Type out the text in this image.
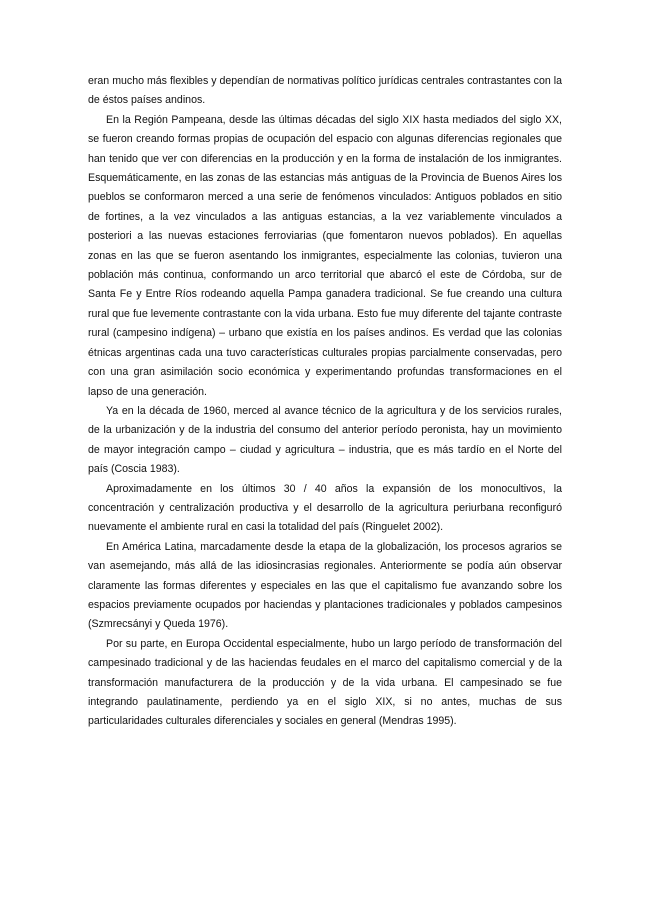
eran mucho más flexibles y dependían de normativas político jurídicas centrales contrastantes con la de éstos países andinos.

En la Región Pampeana, desde las últimas décadas del siglo XIX hasta mediados del siglo XX, se fueron creando formas propias de ocupación del espacio con algunas diferencias regionales que han tenido que ver con diferencias en la producción y en la forma de instalación de los inmigrantes. Esquemáticamente, en las zonas de las estancias más antiguas de la Provincia de Buenos Aires los pueblos se conformaron merced a una serie de fenómenos vinculados: Antiguos poblados en sitio de fortines, a la vez vinculados a las antiguas estancias, a la vez variablemente vinculados a posteriori a las nuevas estaciones ferroviarias (que fomentaron nuevos poblados). En aquellas zonas en las que se fueron asentando los inmigrantes, especialmente las colonias, tuvieron una población más continua, conformando un arco territorial que abarcó el este de Córdoba, sur de Santa Fe y Entre Ríos rodeando aquella Pampa ganadera tradicional. Se fue creando una cultura rural que fue levemente contrastante con la vida urbana. Esto fue muy diferente del tajante contraste rural (campesino indígena) – urbano que existía en los países andinos. Es verdad que las colonias étnicas argentinas cada una tuvo características culturales propias parcialmente conservadas, pero con una gran asimilación socio económica y experimentando profundas transformaciones en el lapso de una generación.

Ya en la década de 1960, merced al avance técnico de la agricultura y de los servicios rurales, de la urbanización y de la industria del consumo del anterior período peronista, hay un movimiento de mayor integración campo – ciudad y agricultura – industria, que es más tardío en el Norte del país (Coscia 1983).

Aproximadamente en los últimos 30 / 40 años la expansión de los monocultivos, la concentración y centralización productiva y el desarrollo de la agricultura periurbana reconfiguró nuevamente el ambiente rural en casi la totalidad del país (Ringuelet 2002).

En América Latina, marcadamente desde la etapa de la globalización, los procesos agrarios se van asemejando, más allá de las idiosincrasias regionales. Anteriormente se podía aún observar claramente las formas diferentes y especiales en las que el capitalismo fue avanzando sobre los espacios previamente ocupados por haciendas y plantaciones tradicionales y poblados campesinos (Szmrecsányi y Queda 1976).

Por su parte, en Europa Occidental especialmente, hubo un largo período de transformación del campesinado tradicional y de las haciendas feudales en el marco del capitalismo comercial y de la transformación manufacturera de la producción y de la vida urbana. El campesinado se fue integrando paulatinamente, perdiendo ya en el siglo XIX, si no antes, muchas de sus particularidades culturales diferenciales y sociales en general (Mendras 1995).
